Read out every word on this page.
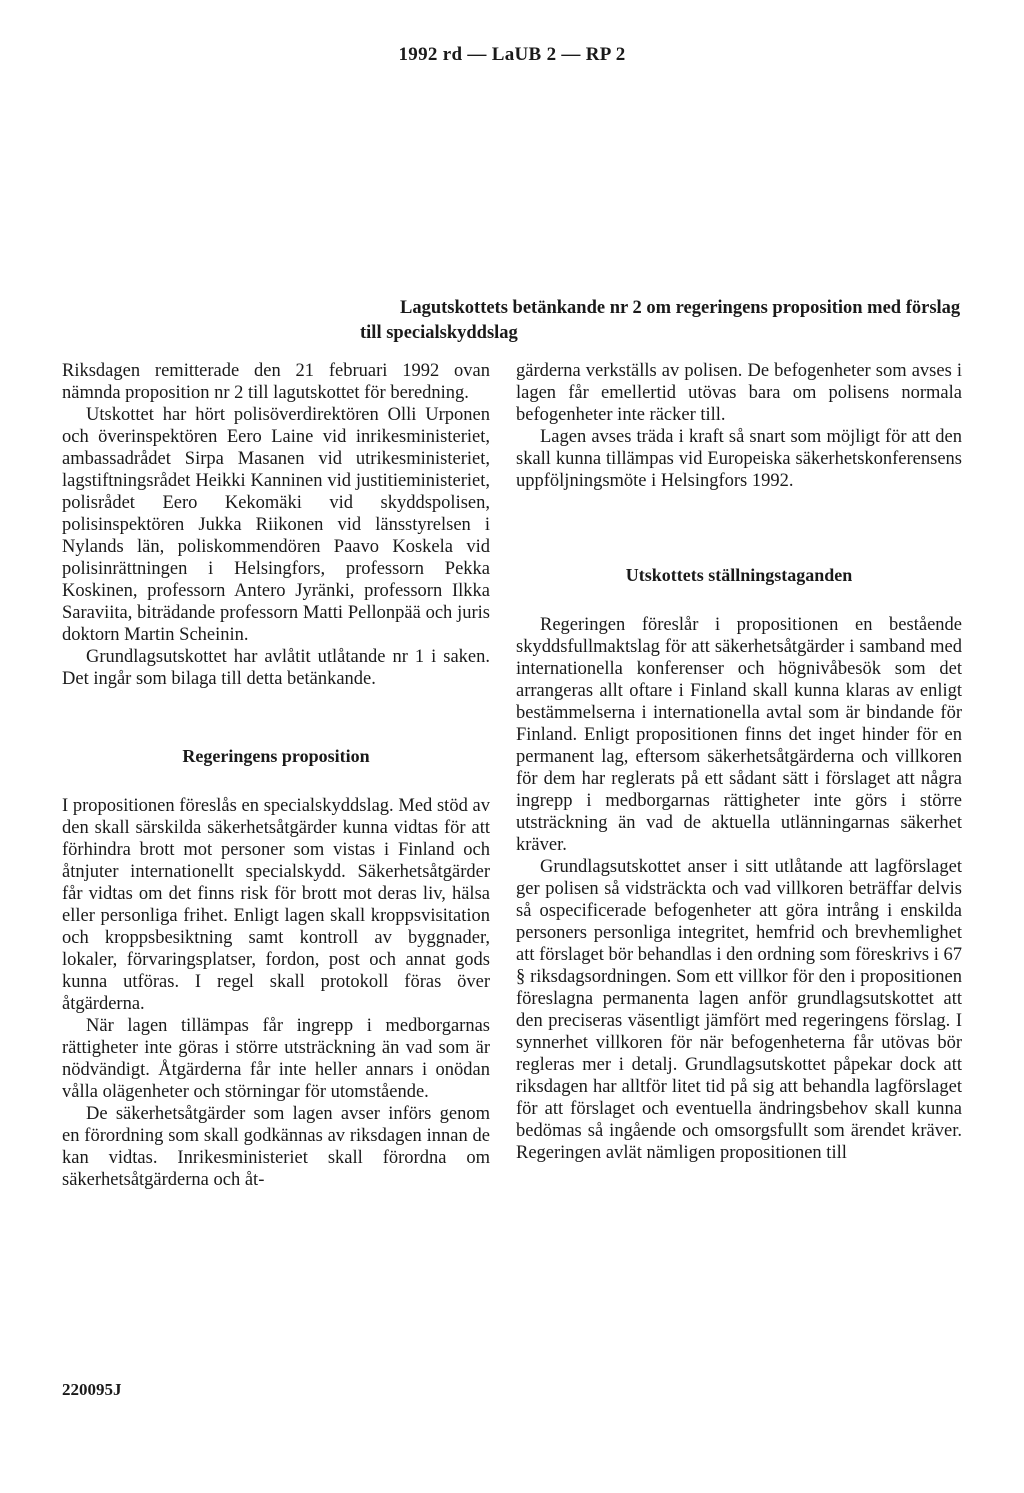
1992 rd — LaUB 2 — RP 2
Lagutskottets betänkande nr 2 om regeringens proposition med förslag till specialskyddslag

Riksdagen remitterade den 21 februari 1992 ovan nämnda proposition nr 2 till lagutskottet för beredning.

Utskottet har hört polisöverdirektören Olli Urponen och överinspektören Eero Laine vid inrikesministeriet, ambassadrådet Sirpa Masanen vid utrikesministeriet, lagstiftningsrådet Heikki Kanninen vid justitieministeriet, polisrådet Eero Kekomäki vid skyddspolisen, polisinspektören Jukka Riikonen vid länsstyrelsen i Nylands län, poliskommendören Paavo Koskela vid polisinrättningen i Helsingfors, professorn Pekka Koskinen, professorn Antero Jyränki, professorn Ilkka Saraviita, biträdande professorn Matti Pellonpää och juris doktorn Martin Scheinin.

Grundlagsutskottet har avlåtit utlåtande nr 1 i saken. Det ingår som bilaga till detta betänkande.

Regeringens proposition

I propositionen föreslås en specialskyddslag. Med stöd av den skall särskilda säkerhetsåtgärder kunna vidtas för att förhindra brott mot personer som vistas i Finland och åtnjuter internationellt specialskydd. Säkerhetsåtgärder får vidtas om det finns risk för brott mot deras liv, hälsa eller personliga frihet. Enligt lagen skall kroppsvisitation och kroppsbesiktning samt kontroll av byggnader, lokaler, förvaringsplatser, fordon, post och annat gods kunna utföras. I regel skall protokoll föras över åtgärderna.

När lagen tillämpas får ingrepp i medborgarnas rättigheter inte göras i större utsträckning än vad som är nödvändigt. Åtgärderna får inte heller annars i onödan vålla olägenheter och störningar för utomstående.

De säkerhetsåtgärder som lagen avser införs genom en förordning som skall godkännas av riksdagen innan de kan vidtas. Inrikesministeriet skall förordna om säkerhetsåtgärderna och åt-

gärderna verkställs av polisen. De befogenheter som avses i lagen får emellertid utövas bara om polisens normala befogenheter inte räcker till.

Lagen avses träda i kraft så snart som möjligt för att den skall kunna tillämpas vid Europeiska säkerhetskonferensens uppföljningsmöte i Helsingfors 1992.

Utskottets ställningstaganden

Regeringen föreslår i propositionen en bestående skyddsfullmaktslag för att säkerhetsåtgärder i samband med internationella konferenser och högnivåbesök som det arrangeras allt oftare i Finland skall kunna klaras av enligt bestämmelserna i internationella avtal som är bindande för Finland. Enligt propositionen finns det inget hinder för en permanent lag, eftersom säkerhetsåtgärderna och villkoren för dem har reglerats på ett sådant sätt i förslaget att några ingrepp i medborgarnas rättigheter inte görs i större utsträckning än vad de aktuella utlänningarnas säkerhet kräver.

Grundlagsutskottet anser i sitt utlåtande att lagförslaget ger polisen så vidsträckta och vad villkoren beträffar delvis så ospecificerade befogenheter att göra intrång i enskilda personers personliga integritet, hemfrid och brevhemlighet att förslaget bör behandlas i den ordning som föreskrivs i 67 § riksdagsordningen. Som ett villkor för den i propositionen föreslagna permanenta lagen anför grundlagsutskottet att den preciseras väsentligt jämfört med regeringens förslag. I synnerhet villkoren för när befogenheterna får utövas bör regleras mer i detalj. Grundlagsutskottet påpekar dock att riksdagen har alltför litet tid på sig att behandla lagförslaget för att förslaget och eventuella ändringsbehov skall kunna bedömas så ingående och omsorgsfullt som ärendet kräver. Regeringen avlät nämligen propositionen till

220095J
